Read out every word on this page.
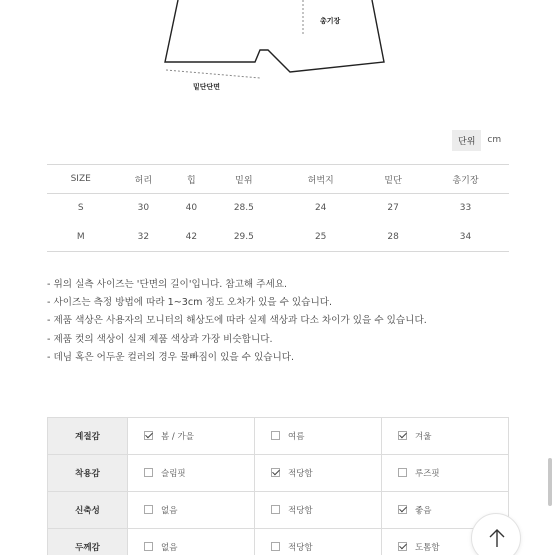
총기장
밑단단면
단위	cm
SIZE	허리	힙	밑위	허벅지	밑단	총기장
S	30	40	28.5	24	27	33
M	32	42	29.5	25	28	34
- 위의 실측 사이즈는 '단면의 길이'입니다. 참고해 주세요.
- 사이즈는 측정 방법에 따라 1~3cm 정도 오차가 있을 수 있습니다.
- 제품 색상은 사용자의 모니터의 해상도에 따라 실제 색상과 다소 차이가 있을 수 있습니다.
- 제품 컷의 색상이 실제 제품 색상과 가장 비슷합니다.
- 데님 혹은 어두운 컬러의 경우 물빠짐이 있을 수 있습니다.
계절감	봄 / 가을	여름	겨울
착용감	슬림핏	적당함	루즈핏
신축성	없음	적당함	좋음
두께감	없음	적당함	도톰함
